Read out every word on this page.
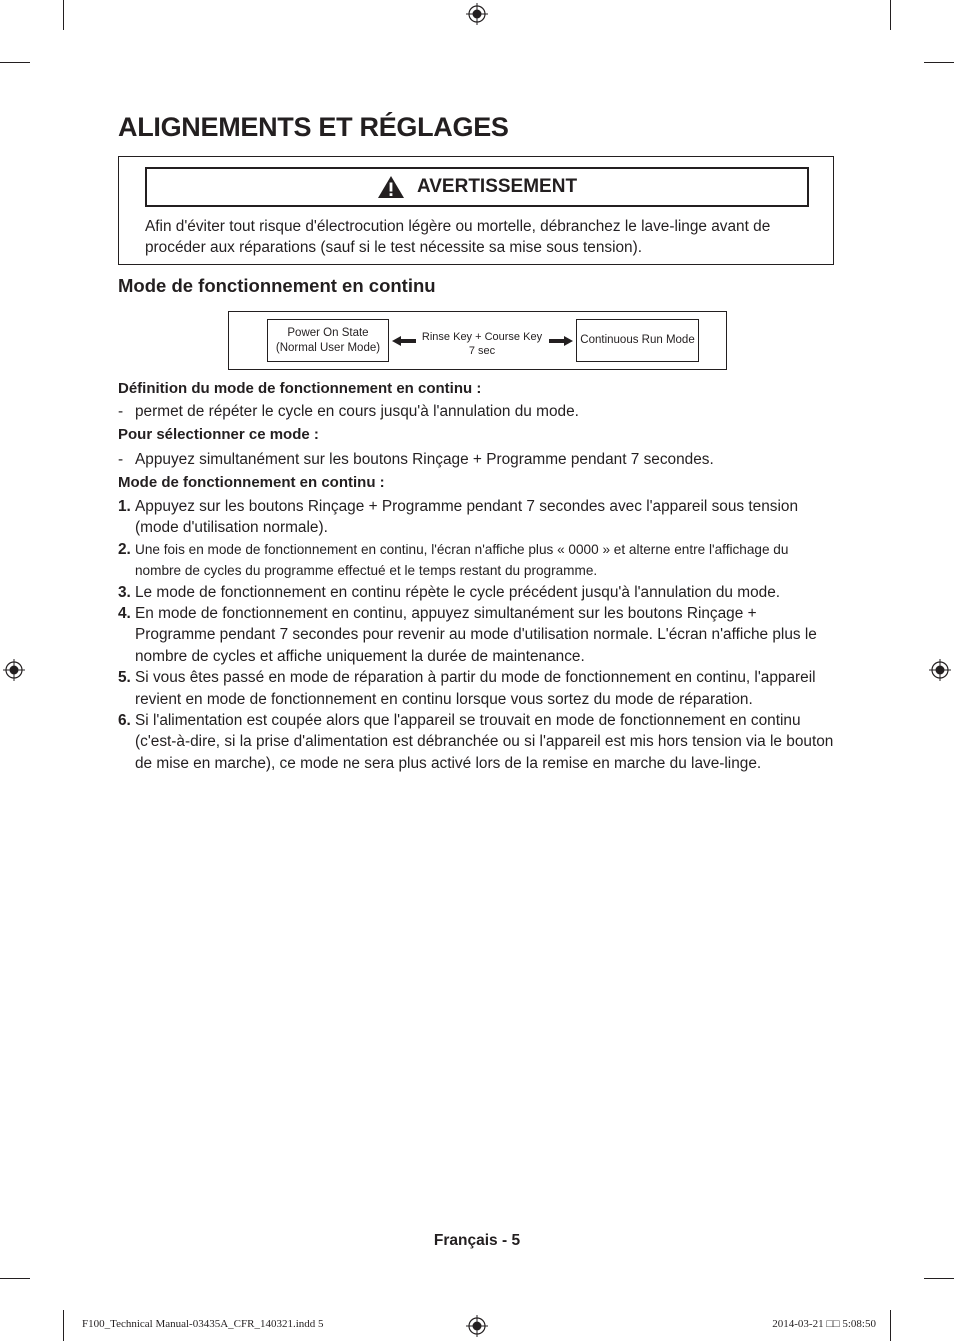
ALIGNEMENTS ET RÉGLAGES
AVERTISSEMENT
Afin d'éviter tout risque d'électrocution légère ou mortelle, débranchez le lave-linge avant de procéder aux réparations (sauf si le test nécessite sa mise sous tension).
Mode de fonctionnement en continu
Power On State
(Normal User Mode)
Rinse Key + Course Key
7 sec
Continuous Run Mode

Définition du mode de fonctionnement en continu :

- permet de répéter le cycle en cours jusqu'à l'annulation du mode.

Pour sélectionner ce mode :

- Appuyez simultanément sur les boutons Rinçage + Programme pendant 7 secondes.

Mode de fonctionnement en continu :

1. Appuyez sur les boutons Rinçage + Programme pendant 7 secondes avec l'appareil sous tension (mode d'utilisation normale).
2. Une fois en mode de fonctionnement en continu, l'écran n'affiche plus « 0000 » et alterne entre l'affichage du nombre de cycles du programme effectué et le temps restant du programme.
3. Le mode de fonctionnement en continu répète le cycle précédent jusqu'à l'annulation du mode.
4. En mode de fonctionnement en continu, appuyez simultanément sur les boutons Rinçage + Programme pendant 7 secondes pour revenir au mode d'utilisation normale. L'écran n'affiche plus le nombre de cycles et affiche uniquement la durée de maintenance.
5. Si vous êtes passé en mode de réparation à partir du mode de fonctionnement en continu, l'appareil revient en mode de fonctionnement en continu lorsque vous sortez du mode de réparation.
6. Si l'alimentation est coupée alors que l'appareil se trouvait en mode de fonctionnement en continu (c'est-à-dire, si la prise d'alimentation est débranchée ou si l'appareil est mis hors tension via le bouton de mise en marche), ce mode ne sera plus activé lors de la remise en marche du lave-linge.
Français - 5
F100_Technical Manual-03435A_CFR_140321.indd 5	2014-03-21 □□ 5:08:50
